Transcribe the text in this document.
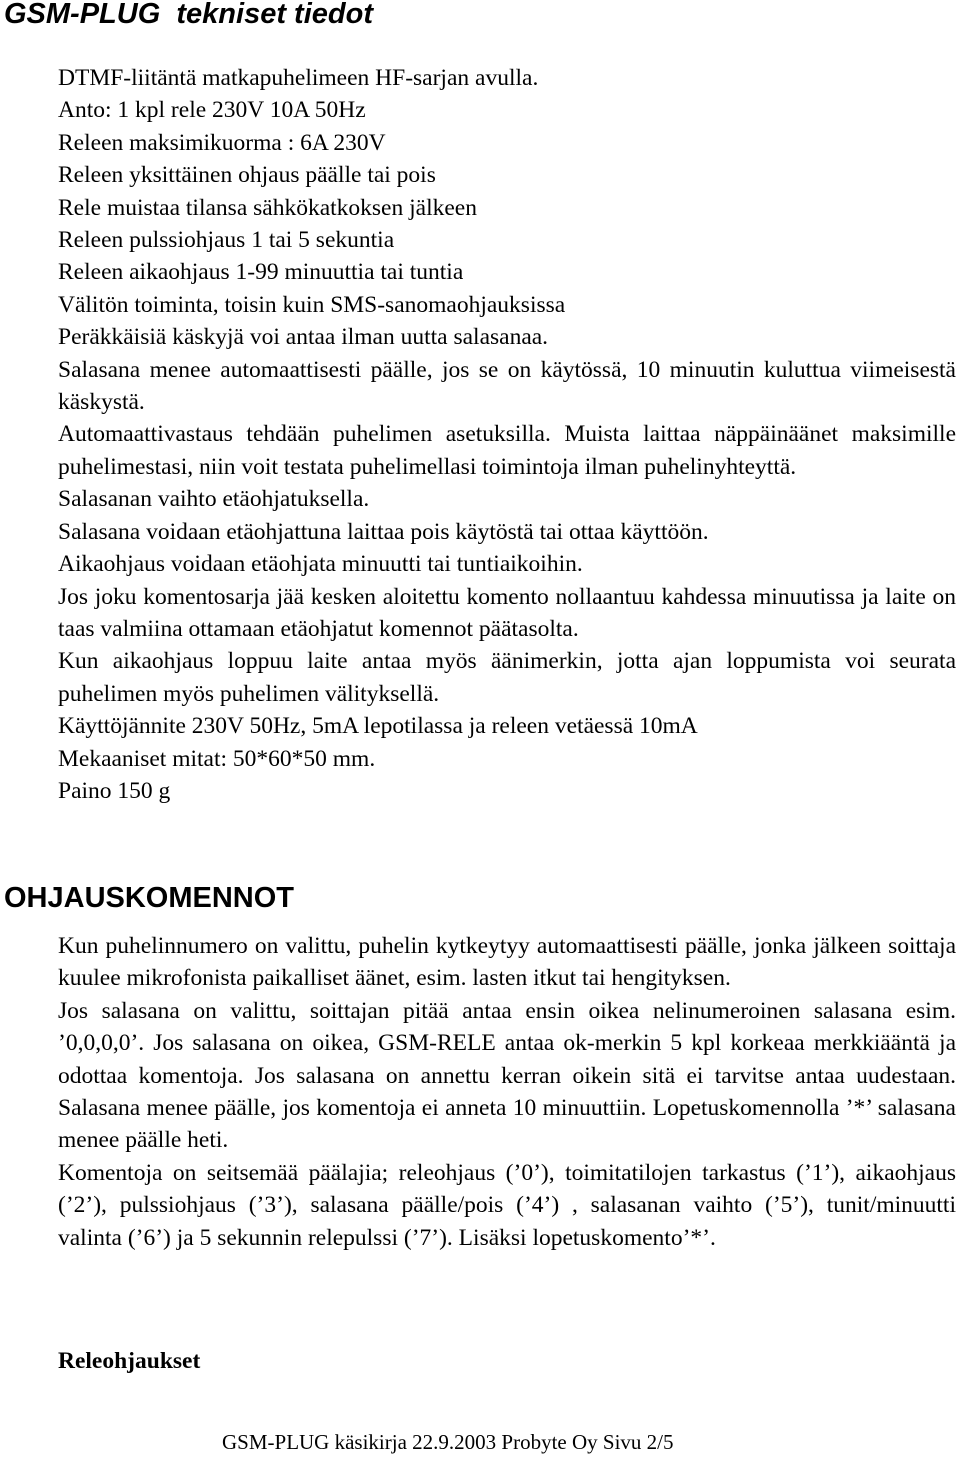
GSM-PLUG  tekniset tiedot

DTMF-liitäntä matkapuhelimeen HF-sarjan avulla.

Anto: 1 kpl rele 230V 10A 50Hz

Releen maksimikuorma : 6A 230V

Releen yksittäinen ohjaus päälle tai pois

Rele muistaa tilansa sähkökatkoksen jälkeen

Releen pulssiohjaus 1 tai 5 sekuntia

Releen aikaohjaus 1-99 minuuttia tai tuntia

Välitön toiminta, toisin kuin SMS-sanomaohjauksissa

Peräkkäisiä käskyjä voi antaa ilman uutta salasanaa.

Salasana menee automaattisesti päälle, jos se on käytössä, 10 minuutin kuluttua viimeisestä käskystä.

Automaattivastaus tehdään puhelimen asetuksilla. Muista laittaa näppäinäänet maksimille puhelimestasi, niin voit testata puhelimellasi toimintoja ilman puhelinyhteyttä.

Salasanan vaihto etäohjatuksella.

Salasana voidaan etäohjattuna laittaa pois käytöstä tai ottaa käyttöön.

Aikaohjaus voidaan etäohjata minuutti tai tuntiaikoihin.

Jos joku komentosarja jää kesken aloitettu komento nollaantuu kahdessa minuutissa ja laite on taas valmiina ottamaan etäohjatut komennot päätasolta.

Kun aikaohjaus loppuu laite antaa myös äänimerkin, jotta ajan loppumista voi seurata puhelimen myös puhelimen välityksellä.

Käyttöjännite 230V 50Hz, 5mA lepotilassa ja releen vetäessä 10mA

Mekaaniset mitat: 50*60*50 mm.

Paino 150 g

OHJAUSKOMENNOT

Kun puhelinnumero on valittu, puhelin kytkeytyy automaattisesti päälle, jonka jälkeen soittaja kuulee mikrofonista paikalliset äänet, esim. lasten itkut tai hengityksen.

Jos salasana on valittu, soittajan pitää antaa ensin oikea nelinumeroinen salasana esim. ’0,0,0,0’. Jos salasana on oikea, GSM-RELE antaa ok-merkin 5 kpl korkeaa merkkiääntä ja odottaa komentoja. Jos salasana on annettu kerran oikein sitä ei tarvitse antaa uudestaan. Salasana menee päälle, jos komentoja ei anneta 10 minuuttiin. Lopetuskomennolla ’*’ salasana menee päälle heti.

Komentoja on seitsemää päälajia; releohjaus (’0’), toimitatilojen tarkastus (’1’), aikaohjaus (’2’), pulssiohjaus (’3’), salasana päälle/pois (’4’) , salasanan vaihto (’5’), tunit/minuutti valinta (’6’) ja 5 sekunnin relepulssi (’7’). Lisäksi lopetuskomento’*’.

Releohjaukset
GSM-PLUG käsikirja 22.9.2003 Probyte Oy Sivu 2/5
